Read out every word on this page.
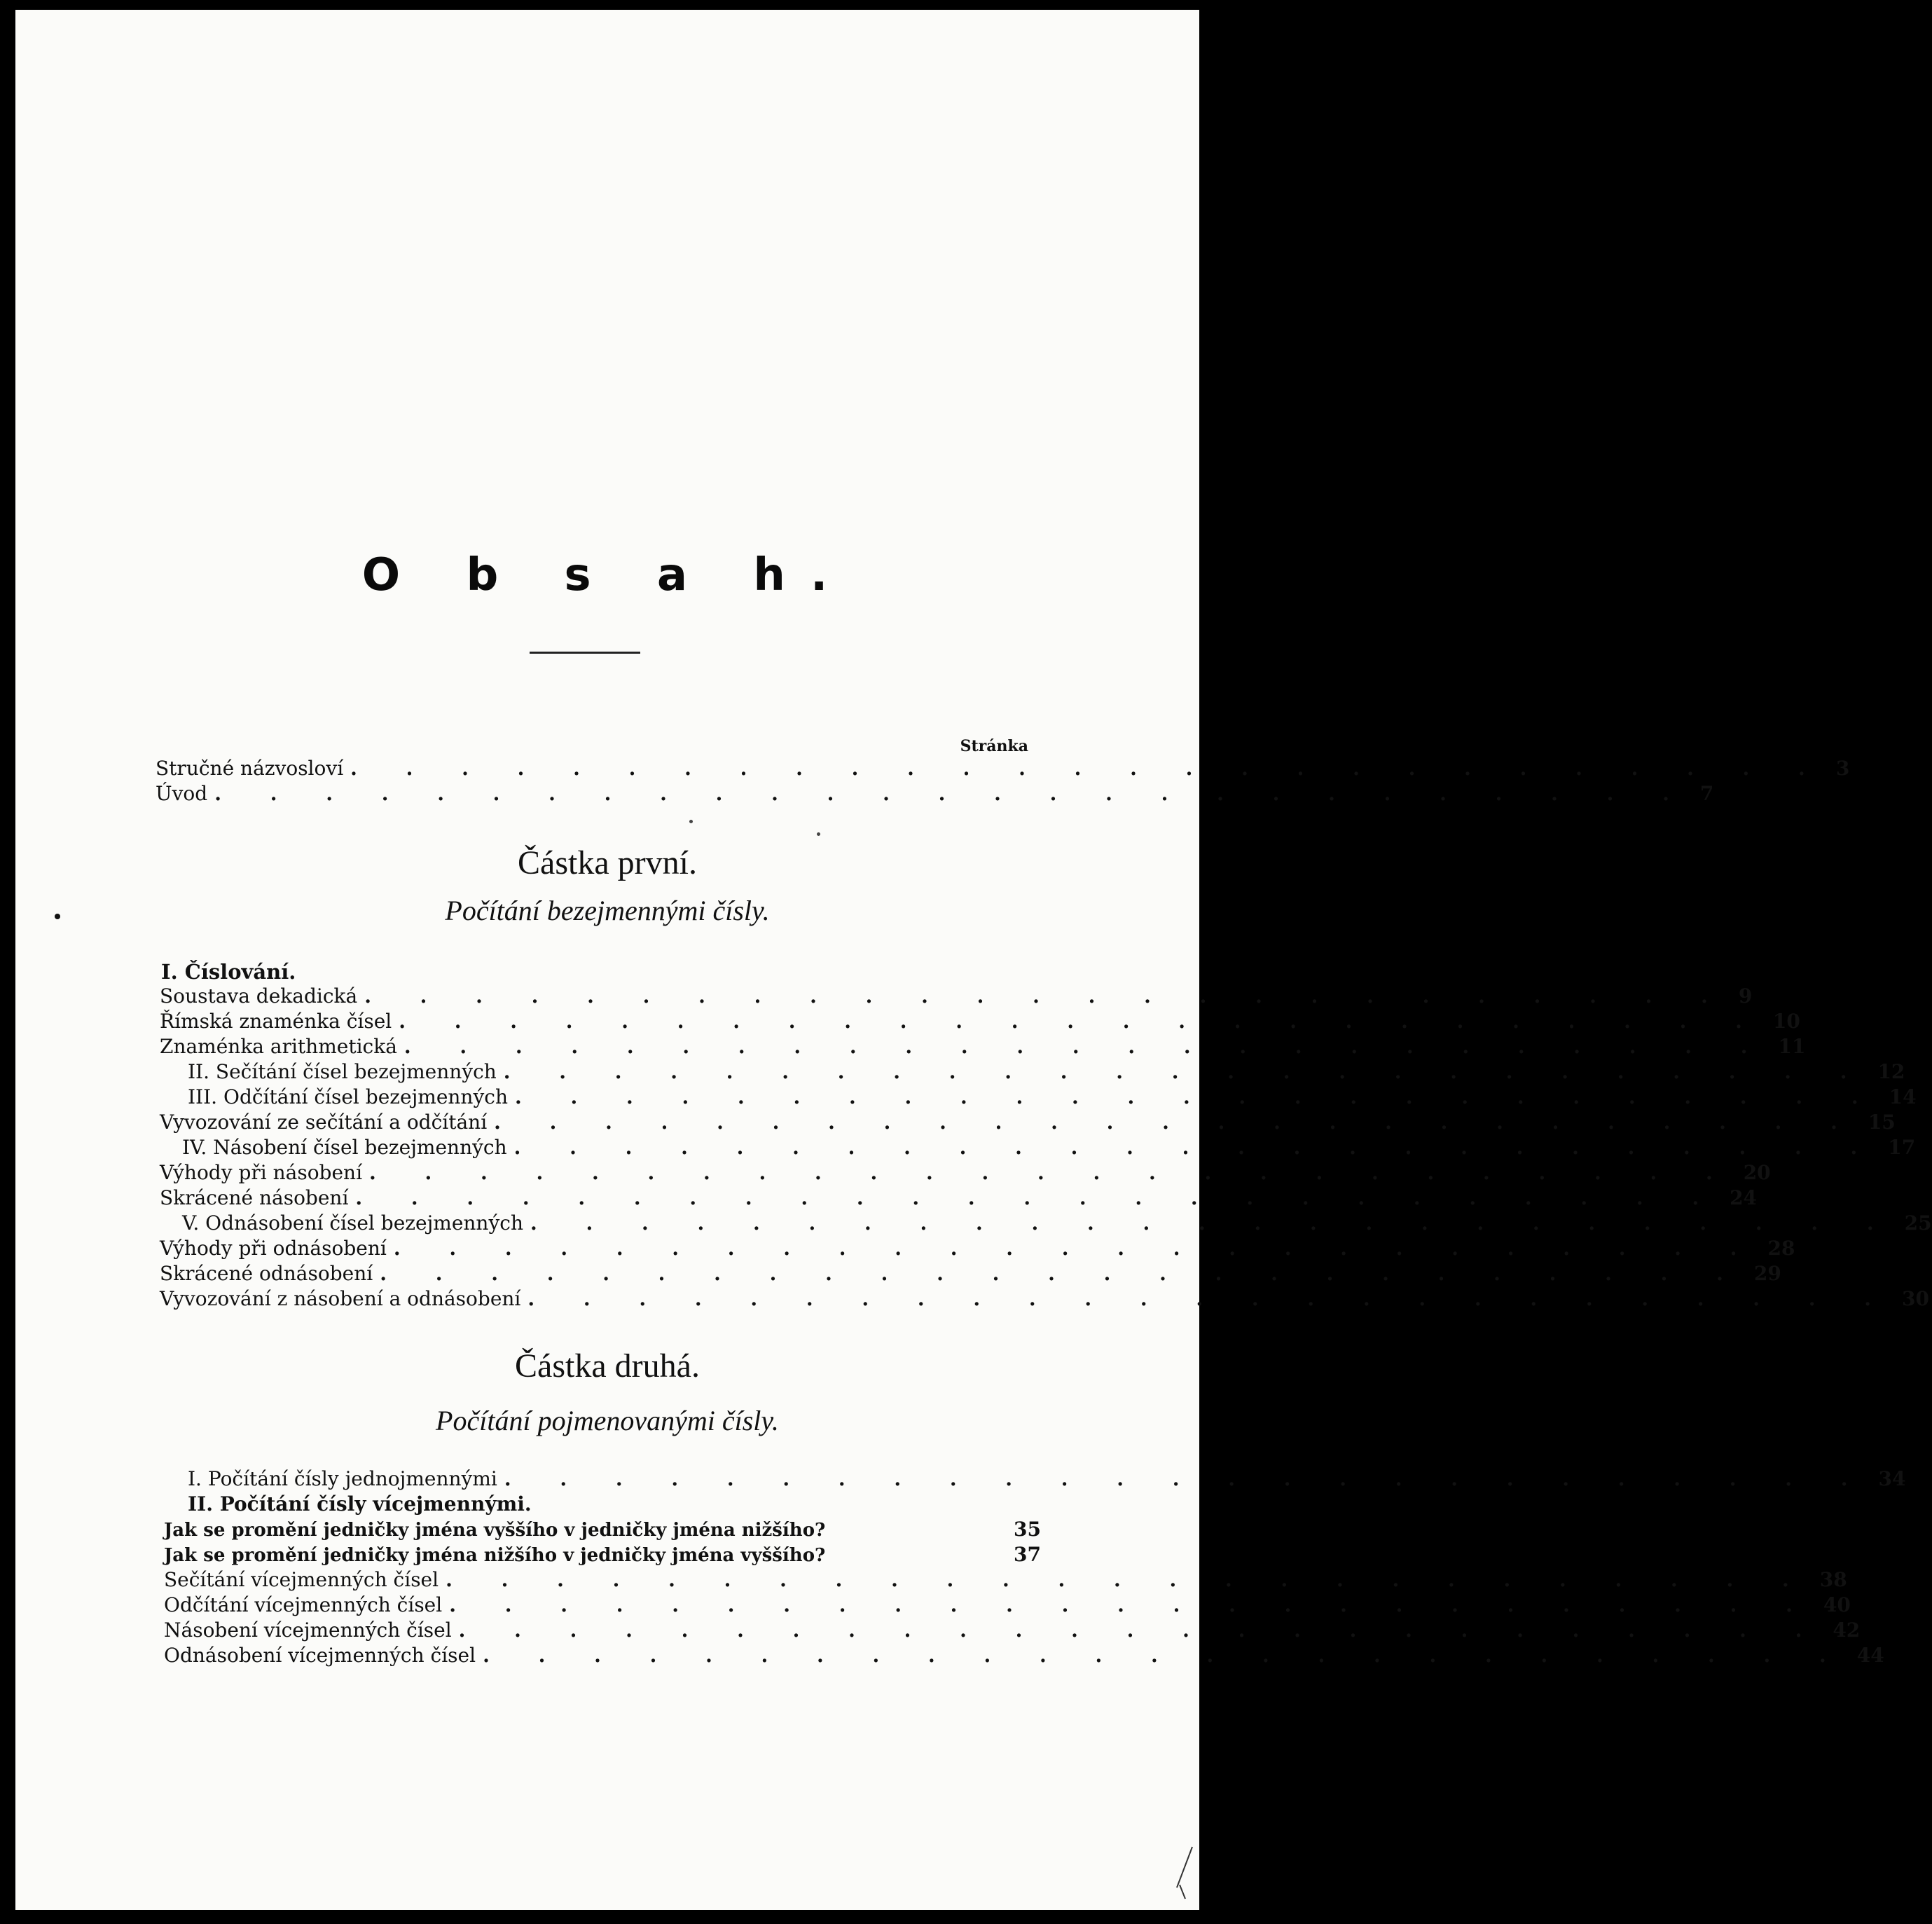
O b s a h.
Stránka
Stručné názvosloví . . . . . . . . . . . . . . . . . . . . . . . . . . . 3
Úvod . . . . . . . . . . . . . . . . . . . . . . . . . . . 7
Částka první.
Počítání bezejmennými čísly.
I. Číslování.
Soustava dekadická . . . . . . . . . . . . . . . . . . . . . . . . . 9
Římská znaménka čísel . . . . . . . . . . . . . . . . . . . . . . . . . 10
Znaménka arithmetická . . . . . . . . . . . . . . . . . . . . . . . . . 11
II. Sečítání čísel bezejmenných . . . . . . . . . . . . . . . . . . . . . . . . . 12
III. Odčítání čísel bezejmenných . . . . . . . . . . . . . . . . . . . . . . . . . 14
Vyvozování ze sečítání a odčítání . . . . . . . . . . . . . . . . . . . . . . . . . 15
IV. Násobení čísel bezejmenných . . . . . . . . . . . . . . . . . . . . . . . . . 17
Výhody při násobení . . . . . . . . . . . . . . . . . . . . . . . . . 20
Skrácené násobení . . . . . . . . . . . . . . . . . . . . . . . . . 24
V. Odnásobení čísel bezejmenných . . . . . . . . . . . . . . . . . . . . . . . . . 25
Výhody při odnásobení . . . . . . . . . . . . . . . . . . . . . . . . . 28
Skrácené odnásobení . . . . . . . . . . . . . . . . . . . . . . . . . 29
Vyvozování z násobení a odnásobení . . . . . . . . . . . . . . . . . . . . . . . . . 30
Částka druhá.
Počítání pojmenovanými čísly.
I. Počítání čísly jednojmennými . . . . . . . . . . . . . . . . . . . . . . . . . 34
II. Počítání čísly vícejmennými.
Jak se promění jedničky jména vyššího v jedničky jména nižšího?	35
Jak se promění jedničky jména nižšího v jedničky jména vyššího?	37
Sečítání vícejmenných čísel . . . . . . . . . . . . . . . . . . . . . . . . . 38
Odčítání vícejmenných čísel . . . . . . . . . . . . . . . . . . . . . . . . . 40
Násobení vícejmenných čísel . . . . . . . . . . . . . . . . . . . . . . . . . 42
Odnásobení vícejmenných čísel . . . . . . . . . . . . . . . . . . . . . . . . . 44
